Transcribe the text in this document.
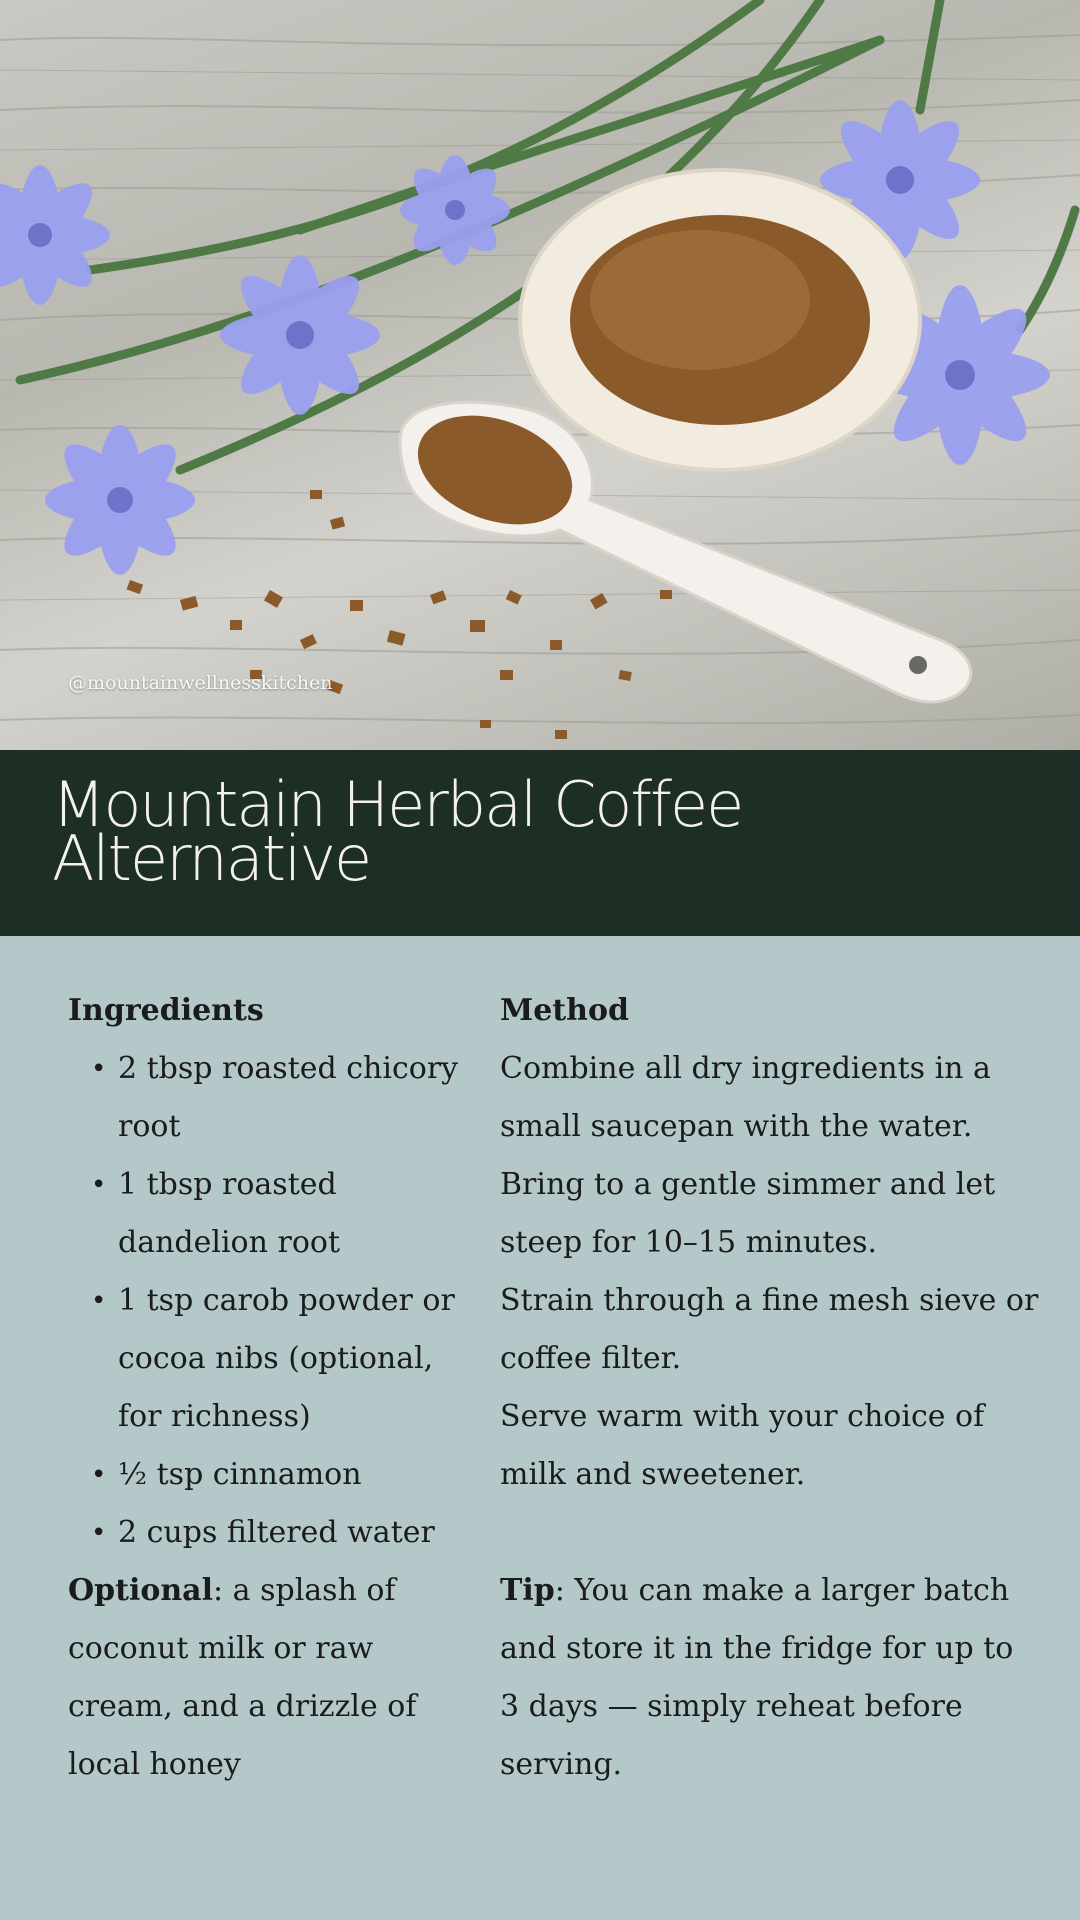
@mountainwellnesskitchen
Mountain Herbal Coffee Alternative
Ingredients
• 2 tbsp roasted chicory root
• 1 tbsp roasted dandelion root
• 1 tsp carob powder or cocoa nibs (optional, for richness)
• ½ tsp cinnamon
• 2 cups filtered water

Optional: a splash of coconut milk or raw cream, and a drizzle of local honey

Method

Combine all dry ingredients in a small saucepan with the water.

Bring to a gentle simmer and let steep for 10–15 minutes.

Strain through a fine mesh sieve or coffee filter.

Serve warm with your choice of milk and sweetener.

Tip: You can make a larger batch and store it in the fridge for up to 3 days — simply reheat before serving.
